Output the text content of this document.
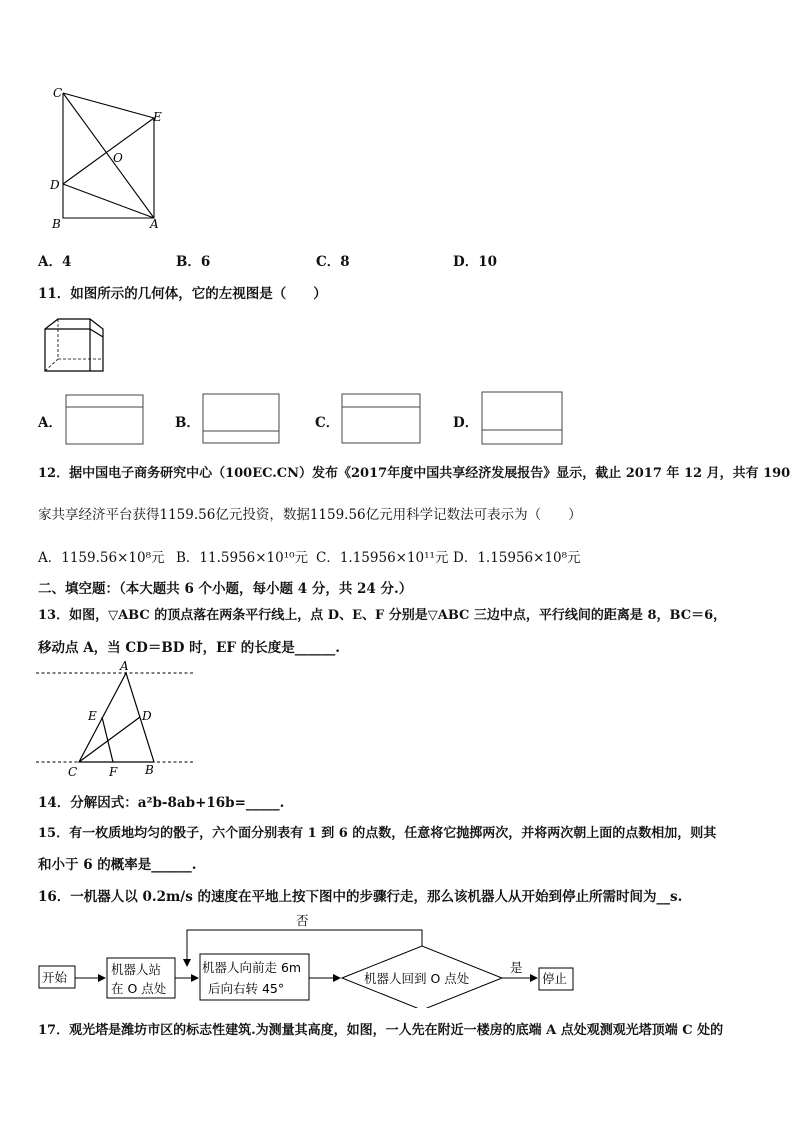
C
E
O
D
B	A
A．4	B．6	C．8	D．10
11．如图所示的几何体，它的左视图是（　　）
A．	B．	C．	D．
12．据中国电子商务研究中心（100EC.CN）发布《2017年度中国共享经济发展报告》显示，截止 2017 年 12 月，共有 190
家共享经济平台获得1159.56亿元投资，数据1159.56亿元用科学记数法可表示为（　　）
A．1159.56×10⁸元 B．11.5956×10¹⁰元 C．1.15956×10¹¹元 D．1.15956×10⁸元
二、填空题：（本大题共 6 个小题，每小题 4 分，共 24 分.）
13．如图，▽ABC 的顶点落在两条平行线上，点 D、E、F 分别是▽ABC 三边中点，平行线间的距离是 8，BC＝6，
移动点 A，当 CD＝BD 时，EF 的长度是______.
A
E	D
C	F B
14．分解因式：a²b-8ab+16b=_____.
15．有一枚质地均匀的骰子，六个面分别表有 1 到 6 的点数，任意将它抛掷两次，并将两次朝上面的点数相加，则其
和小于 6 的概率是______.
16．一机器人以 0.2m/s 的速度在平地上按下图中的步骤行走，那么该机器人从开始到停止所需时间为__s.
否
开始
机器人站
在 O 点处
机器人向前走 6m
后向右转 45°
机器人回到 O 点处
是
停止
17．观光塔是潍坊市区的标志性建筑.为测量其高度，如图，一人先在附近一楼房的底端 A 点处观测观光塔顶端 C 处的
